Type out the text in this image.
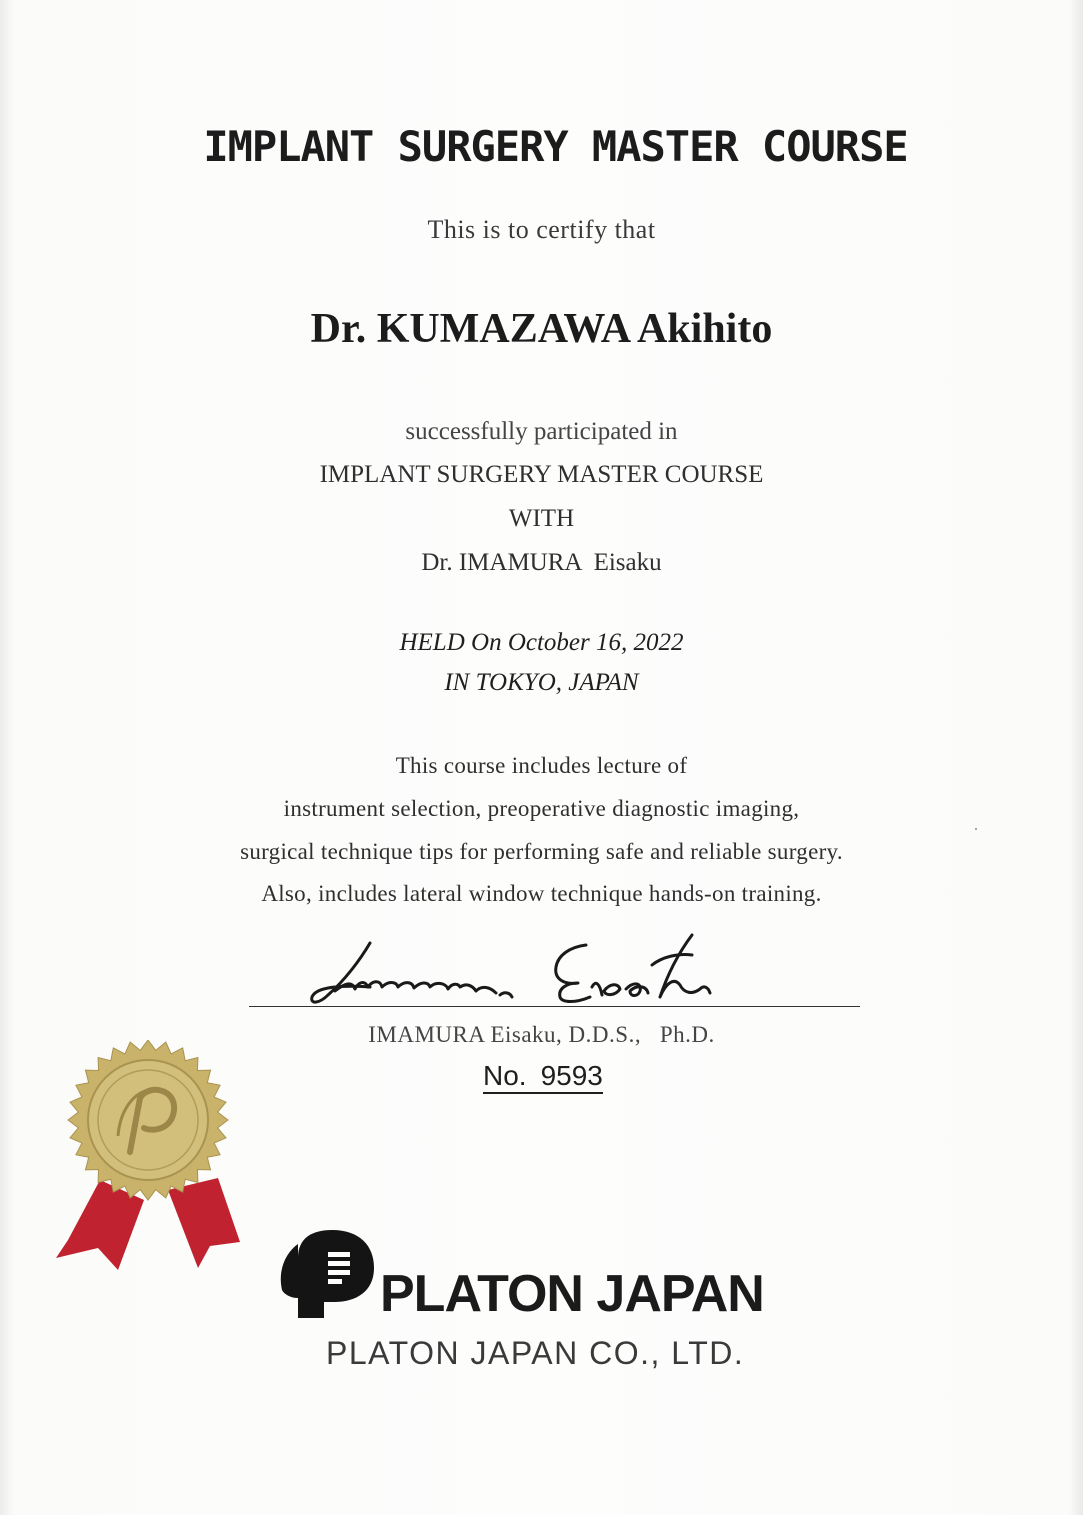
IMPLANT SURGERY MASTER COURSE
This is to certify that
Dr. KUMAZAWA Akihito
successfully participated in
IMPLANT SURGERY MASTER COURSE
WITH
Dr. IMAMURA  Eisaku
HELD On October 16, 2022
IN TOKYO, JAPAN
This course includes lecture of
instrument selection, preoperative diagnostic imaging,
surgical technique tips for performing safe and reliable surgery.
Also, includes lateral window technique hands-on training.
IMAMURA Eisaku, D.D.S.,   Ph.D.
No. 9593
PLATON JAPAN
PLATON JAPAN CO., LTD.
